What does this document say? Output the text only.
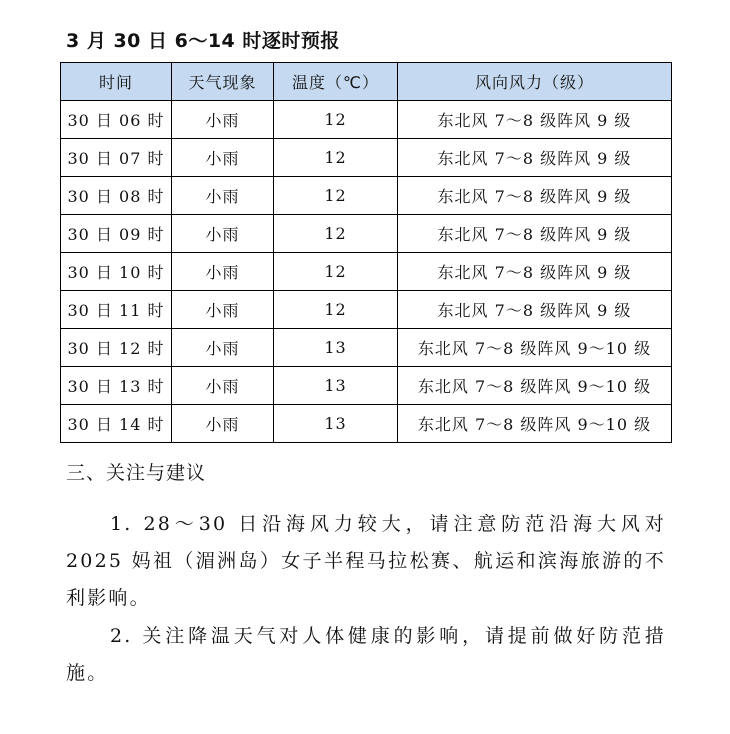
3 月 30 日 6～14 时逐时预报
时间	天气现象	温度（℃）	风向风力（级）
30 日 06 时	小雨	12	东北风 7～8 级阵风 9 级
30 日 07 时	小雨	12	东北风 7～8 级阵风 9 级
30 日 08 时	小雨	12	东北风 7～8 级阵风 9 级
30 日 09 时	小雨	12	东北风 7～8 级阵风 9 级
30 日 10 时	小雨	12	东北风 7～8 级阵风 9 级
30 日 11 时	小雨	12	东北风 7～8 级阵风 9 级
30 日 12 时	小雨	13	东北风 7～8 级阵风 9～10 级
30 日 13 时	小雨	13	东北风 7～8 级阵风 9～10 级
30 日 14 时	小雨	13	东北风 7～8 级阵风 9～10 级
三、关注与建议
1. 28～30 日沿海风力较大，请注意防范沿海大风对 2025 妈祖（湄洲岛）女子半程马拉松赛、航运和滨海旅游的不利影响。
2. 关注降温天气对人体健康的影响，请提前做好防范措施。
